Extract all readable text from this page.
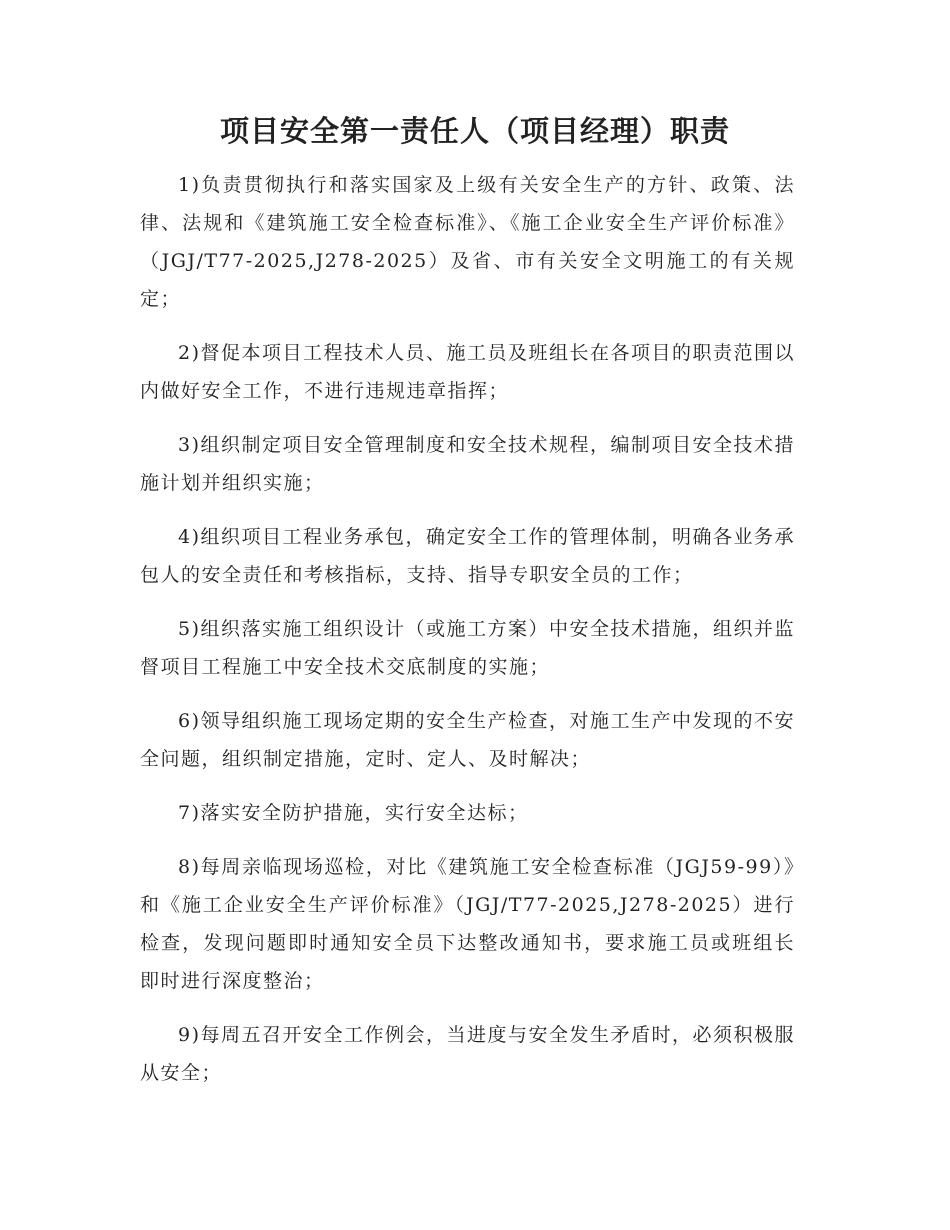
项目安全第一责任人（项目经理）职责

1)负责贯彻执行和落实国家及上级有关安全生产的方针、政策、法律、法规和《建筑施工安全检查标准》、《施工企业安全生产评价标准》（JGJ/T77-2025,J278-2025）及省、市有关安全文明施工的有关规定；

2)督促本项目工程技术人员、施工员及班组长在各项目的职责范围以内做好安全工作，不进行违规违章指挥；

3)组织制定项目安全管理制度和安全技术规程，编制项目安全技术措施计划并组织实施；

4)组织项目工程业务承包，确定安全工作的管理体制，明确各业务承包人的安全责任和考核指标，支持、指导专职安全员的工作；

5)组织落实施工组织设计（或施工方案）中安全技术措施，组织并监督项目工程施工中安全技术交底制度的实施；

6)领导组织施工现场定期的安全生产检查，对施工生产中发现的不安全问题，组织制定措施，定时、定人、及时解决；

7)落实安全防护措施，实行安全达标；

8)每周亲临现场巡检，对比《建筑施工安全检查标准（JGJ59-99）》和《施工企业安全生产评价标准》（JGJ/T77-2025,J278-2025）进行检查，发现问题即时通知安全员下达整改通知书，要求施工员或班组长即时进行深度整治；

9)每周五召开安全工作例会，当进度与安全发生矛盾时，必须积极服从安全；
